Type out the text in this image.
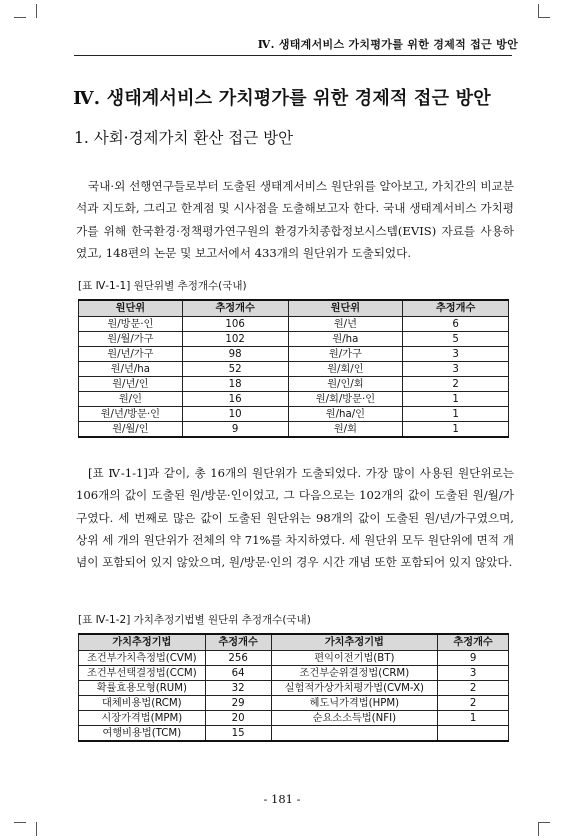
Ⅳ. 생태계서비스 가치평가를 위한 경제적 접근 방안
Ⅳ. 생태계서비스 가치평가를 위한 경제적 접근 방안
1. 사회·경제가치 환산 접근 방안

국내·외 선행연구들로부터 도출된 생태계서비스 원단위를 알아보고, 가치간의 비교분석과 지도화, 그리고 한계점 및 시사점을 도출해보고자 한다. 국내 생태계서비스 가치평가를 위해 한국환경·정책평가연구원의 환경가치종합정보시스템(EVIS) 자료를 사용하였고, 148편의 논문 및 보고서에서 433개의 원단위가 도출되었다.

[표 Ⅳ-1-1] 원단위별 추정개수(국내)
원단위	추정개수	원단위	추정개수
원/방문·인	106	원/년	6
원/월/가구	102	원/ha	5
원/년/가구	98	원/가구	3
원/년/ha	52	원/회/인	3
원/년/인	18	원/인/회	2
원/인	16	원/회/방문·인	1
원/년/방문·인	10	원/ha/인	1
원/월/인	9	원/회	1

[표 Ⅳ-1-1]과 같이, 총 16개의 원단위가 도출되었다. 가장 많이 사용된 원단위로는 106개의 값이 도출된 원/방문·인이었고, 그 다음으로는 102개의 값이 도출된 원/월/가구였다. 세 번째로 많은 값이 도출된 원단위는 98개의 값이 도출된 원/년/가구였으며, 상위 세 개의 원단위가 전체의 약 71%를 차지하였다. 세 원단위 모두 원단위에 면적 개념이 포함되어 있지 않았으며, 원/방문·인의 경우 시간 개념 또한 포함되어 있지 않았다.

[표 Ⅳ-1-2] 가치추정기법별 원단위 추정개수(국내)
가치추정기법	추정개수	가치추정기법	추정개수
조건부가치측정법(CVM)	256	편익이전기법(BT)	9
조건부선택결정법(CCM)	64	조건부순위결정법(CRM)	3
확률효용모형(RUM)	32	실험적가상가치평가법(CVM-X)	2
대체비용법(RCM)	29	헤도닉가격법(HPM)	2
시장가격법(MPM)	20	순요소소득법(NFI)	1
여행비용법(TCM)	15		
- 181 -
